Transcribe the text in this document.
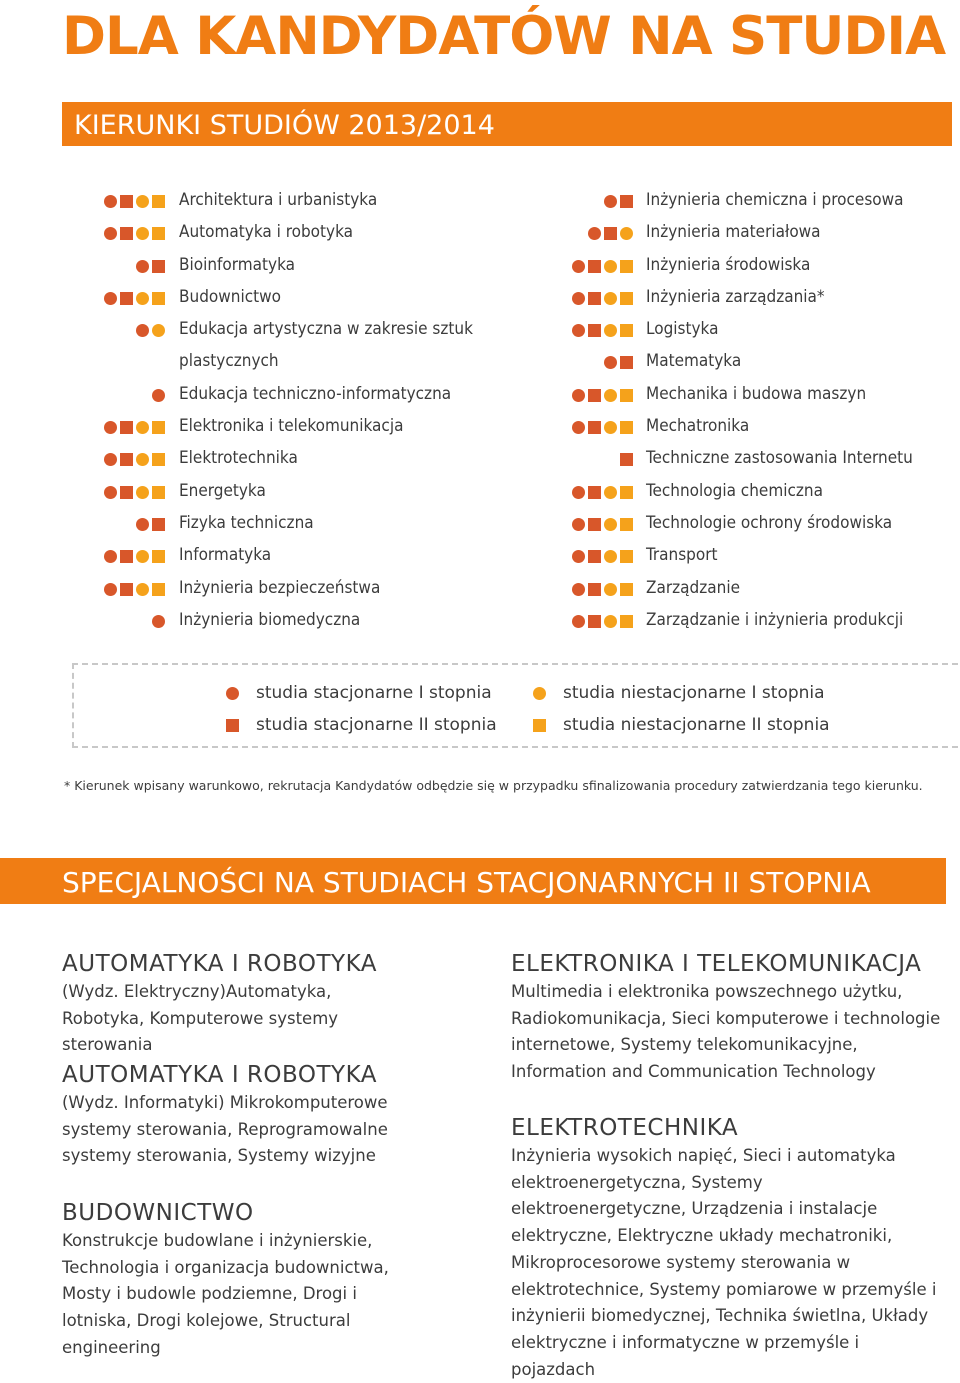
DLA KANDYDATÓW NA STUDIA
KIERUNKI STUDIÓW 2013/2014
Architektura i urbanistyka
Automatyka i robotyka
Bioinformatyka
Budownictwo
Edukacja artystyczna w zakresie sztuk
plastycznych
Edukacja techniczno-informatyczna
Elektronika i telekomunikacja
Elektrotechnika
Energetyka
Fizyka techniczna
Informatyka
Inżynieria bezpieczeństwa
Inżynieria biomedyczna
Inżynieria chemiczna i procesowa
Inżynieria materiałowa
Inżynieria środowiska
Inżynieria zarządzania*
Logistyka
Matematyka
Mechanika i budowa maszyn
Mechatronika
Techniczne zastosowania Internetu
Technologia chemiczna
Technologie ochrony środowiska
Transport
Zarządzanie
Zarządzanie i inżynieria produkcji
studia stacjonarne I stopnia
studia stacjonarne II stopnia
studia niestacjonarne I stopnia
studia niestacjonarne II stopnia
* Kierunek wpisany warunkowo, rekrutacja Kandydatów odbędzie się w przypadku sfinalizowania procedury zatwierdzania tego kierunku.
SPECJALNOŚCI NA STUDIACH STACJONARNYCH II STOPNIA
AUTOMATYKA I ROBOTYKA

(Wydz. Elektryczny)Automatyka, Robotyka, Komputerowe systemy sterowania

AUTOMATYKA I ROBOTYKA

(Wydz. Informatyki) Mikrokomputerowe systemy sterowania, Reprogramowalne systemy sterowania, Systemy wizyjne

BUDOWNICTWO

Konstrukcje budowlane i inżynierskie, Technologia i organizacja budownictwa, Mosty i budowle podziemne, Drogi i lotniska, Drogi kolejowe, Structural engineering

ELEKTRONIKA I TELEKOMUNIKACJA

Multimedia i elektronika powszechnego użytku, Radiokomunikacja, Sieci komputerowe i technologie internetowe, Systemy telekomunikacyjne, Information and Communication Technology

ELEKTROTECHNIKA

Inżynieria wysokich napięć, Sieci i automatyka elektroenergetyczna, Systemy elektroenergetyczne, Urządzenia i instalacje elektryczne, Elektryczne układy mechatroniki, Mikroprocesorowe systemy sterowania w elektrotechnice, Systemy pomiarowe w przemyśle i inżynierii biomedycznej, Technika świetlna, Układy elektryczne i informatyczne w przemyśle i pojazdach
